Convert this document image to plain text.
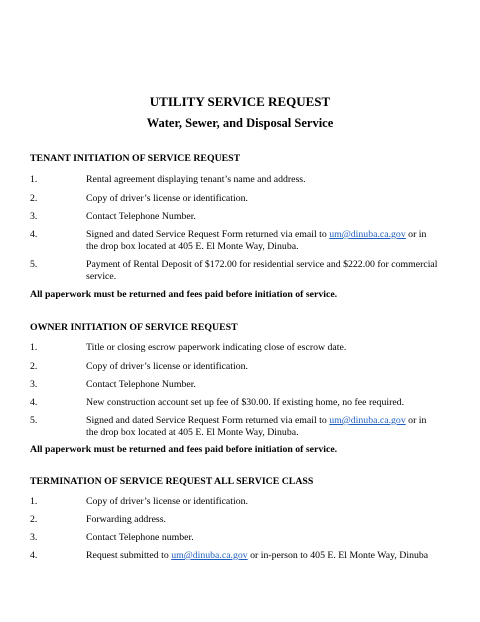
UTILITY SERVICE REQUEST
Water, Sewer, and Disposal Service
TENANT INITIATION OF SERVICE REQUEST
1.	Rental agreement displaying tenant’s name and address.
2.	Copy of driver’s license or identification.
3.	Contact Telephone Number.
4.	Signed and dated Service Request Form returned via email to um@dinuba.ca.gov or in
the drop box located at 405 E. El Monte Way, Dinuba.
5.	Payment of Rental Deposit of $172.00 for residential service and $222.00 for commercial
service.
All paperwork must be returned and fees paid before initiation of service.
OWNER INITIATION OF SERVICE REQUEST
1.	Title or closing escrow paperwork indicating close of escrow date.
2.	Copy of driver’s license or identification.
3.	Contact Telephone Number.
4.	New construction account set up fee of $30.00. If existing home, no fee required.
5.	Signed and dated Service Request Form returned via email to um@dinuba.ca.gov or in
the drop box located at 405 E. El Monte Way, Dinuba.
All paperwork must be returned and fees paid before initiation of service.
TERMINATION OF SERVICE REQUEST ALL SERVICE CLASS
1.	Copy of driver’s license or identification.
2.	Forwarding address.
3.	Contact Telephone number.
4.	Request submitted to um@dinuba.ca.gov or in-person to 405 E. El Monte Way, Dinuba
